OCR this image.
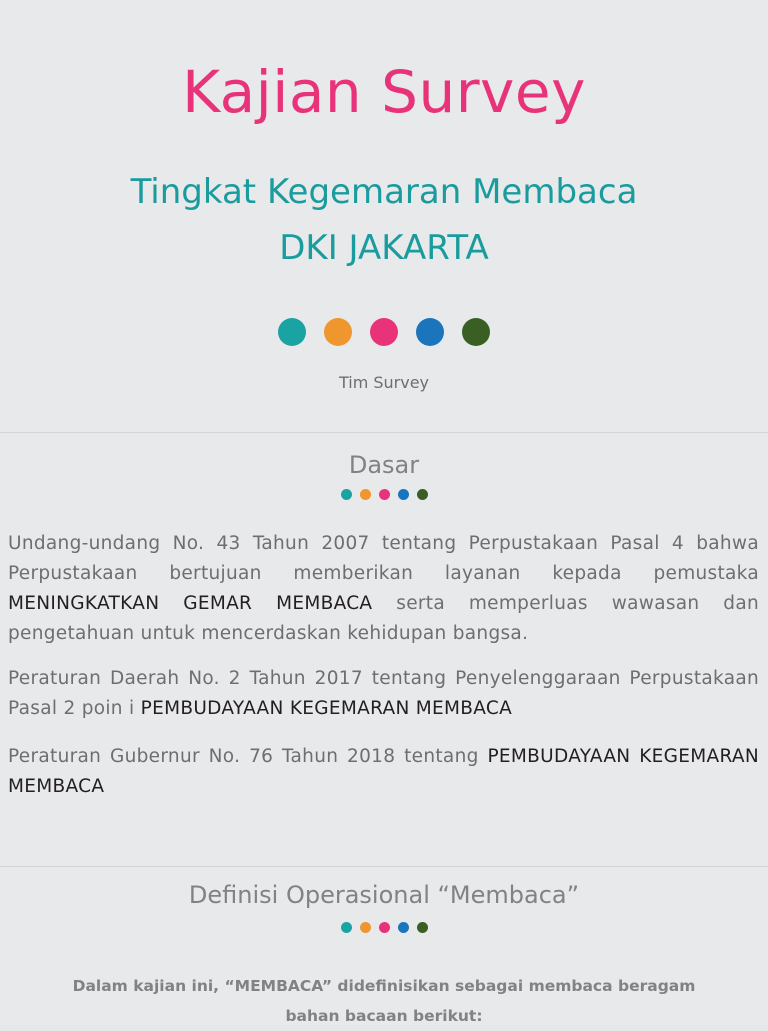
Kajian Survey
Tingkat Kegemaran Membaca
DKI JAKARTA
Tim Survey
Dasar
Undang-undang No. 43 Tahun 2007 tentang Perpustakaan Pasal 4 bahwa Perpustakaan bertujuan memberikan layanan kepada pemustaka MENINGKATKAN GEMAR MEMBACA serta memperluas wawasan dan pengetahuan untuk mencerdaskan kehidupan bangsa.
Peraturan Daerah No. 2 Tahun 2017 tentang Penyelenggaraan Perpustakaan Pasal 2 poin i PEMBUDAYAAN KEGEMARAN MEMBACA
Peraturan Gubernur No. 76 Tahun 2018 tentang PEMBUDAYAAN KEGEMARAN MEMBACA
Definisi Operasional “Membaca”
Dalam kajian ini, “MEMBACA” didefinisikan sebagai membaca beragam
bahan bacaan berikut:
